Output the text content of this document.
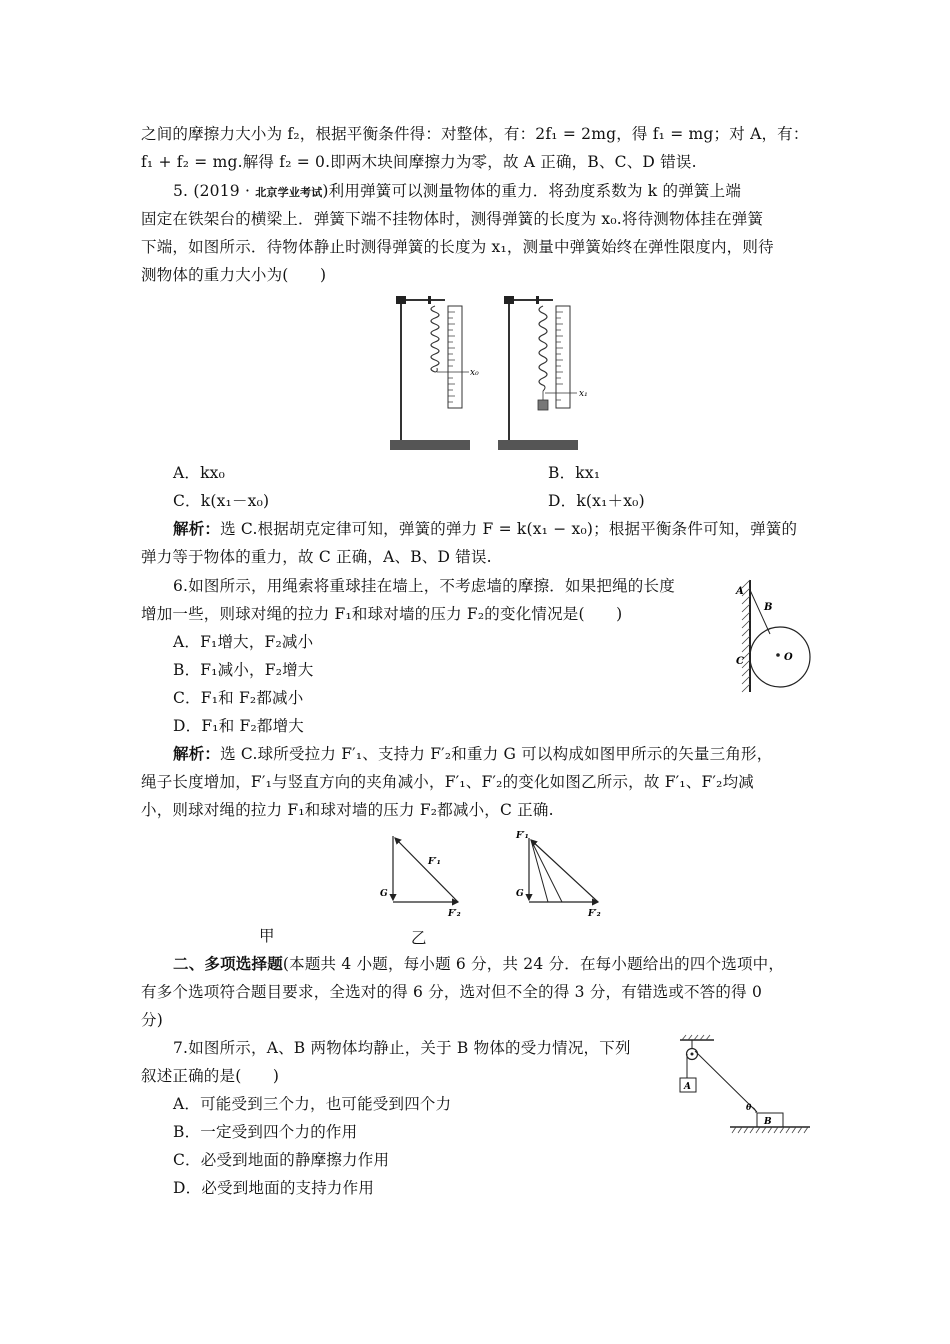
之间的摩擦力大小为 f₂，根据平衡条件得：对整体，有：2f₁ = 2mg，得 f₁ = mg；对 A，有：
f₁ + f₂ = mg.解得 f₂ = 0.即两木块间摩擦力为零，故 A 正确，B、C、D 错误.
5. (2019 · 北京学业考试)利用弹簧可以测量物体的重力．将劲度系数为 k 的弹簧上端
固定在铁架台的横梁上．弹簧下端不挂物体时，测得弹簧的长度为 x₀.将待测物体挂在弹簧
下端，如图所示．待物体静止时测得弹簧的长度为 x₁，测量中弹簧始终在弹性限度内，则待
测物体的重力大小为(　　)
x₀
x₁
A．kx₀	B．kx₁
C．k(x₁－x₀)	D．k(x₁＋x₀)
解析：选 C.根据胡克定律可知，弹簧的弹力 F = k(x₁ − x₀)；根据平衡条件可知，弹簧的
弹力等于物体的重力，故 C 正确，A、B、D 错误.
6.如图所示，用绳索将重球挂在墙上，不考虑墙的摩擦．如果把绳的长度
增加一些，则球对绳的拉力 F₁和球对墙的压力 F₂的变化情况是(　　)
A．F₁增大，F₂减小
B．F₁减小，F₂增大
C．F₁和 F₂都减小
D．F₁和 F₂都增大
A
B
C	O
解析：选 C.球所受拉力 F′₁、支持力 F′₂和重力 G 可以构成如图甲所示的矢量三角形，
绳子长度增加，F′₁与竖直方向的夹角减小，F′₁、F′₂的变化如图乙所示，故 F′₁、F′₂均减
小，则球对绳的拉力 F₁和球对墙的压力 F₂都减小，C 正确.
F′₁
G
F′₂
F′₁
G
F′₂
甲	乙
二、多项选择题(本题共 4 小题，每小题 6 分，共 24 分．在每小题给出的四个选项中，
有多个选项符合题目要求，全选对的得 6 分，选对但不全的得 3 分，有错选或不答的得 0
分)
7.如图所示，A、B 两物体均静止，关于 B 物体的受力情况，下列
叙述正确的是(　　)
A．可能受到三个力，也可能受到四个力
B．一定受到四个力的作用
C．必受到地面的静摩擦力作用
D．必受到地面的支持力作用
A
B
θ
